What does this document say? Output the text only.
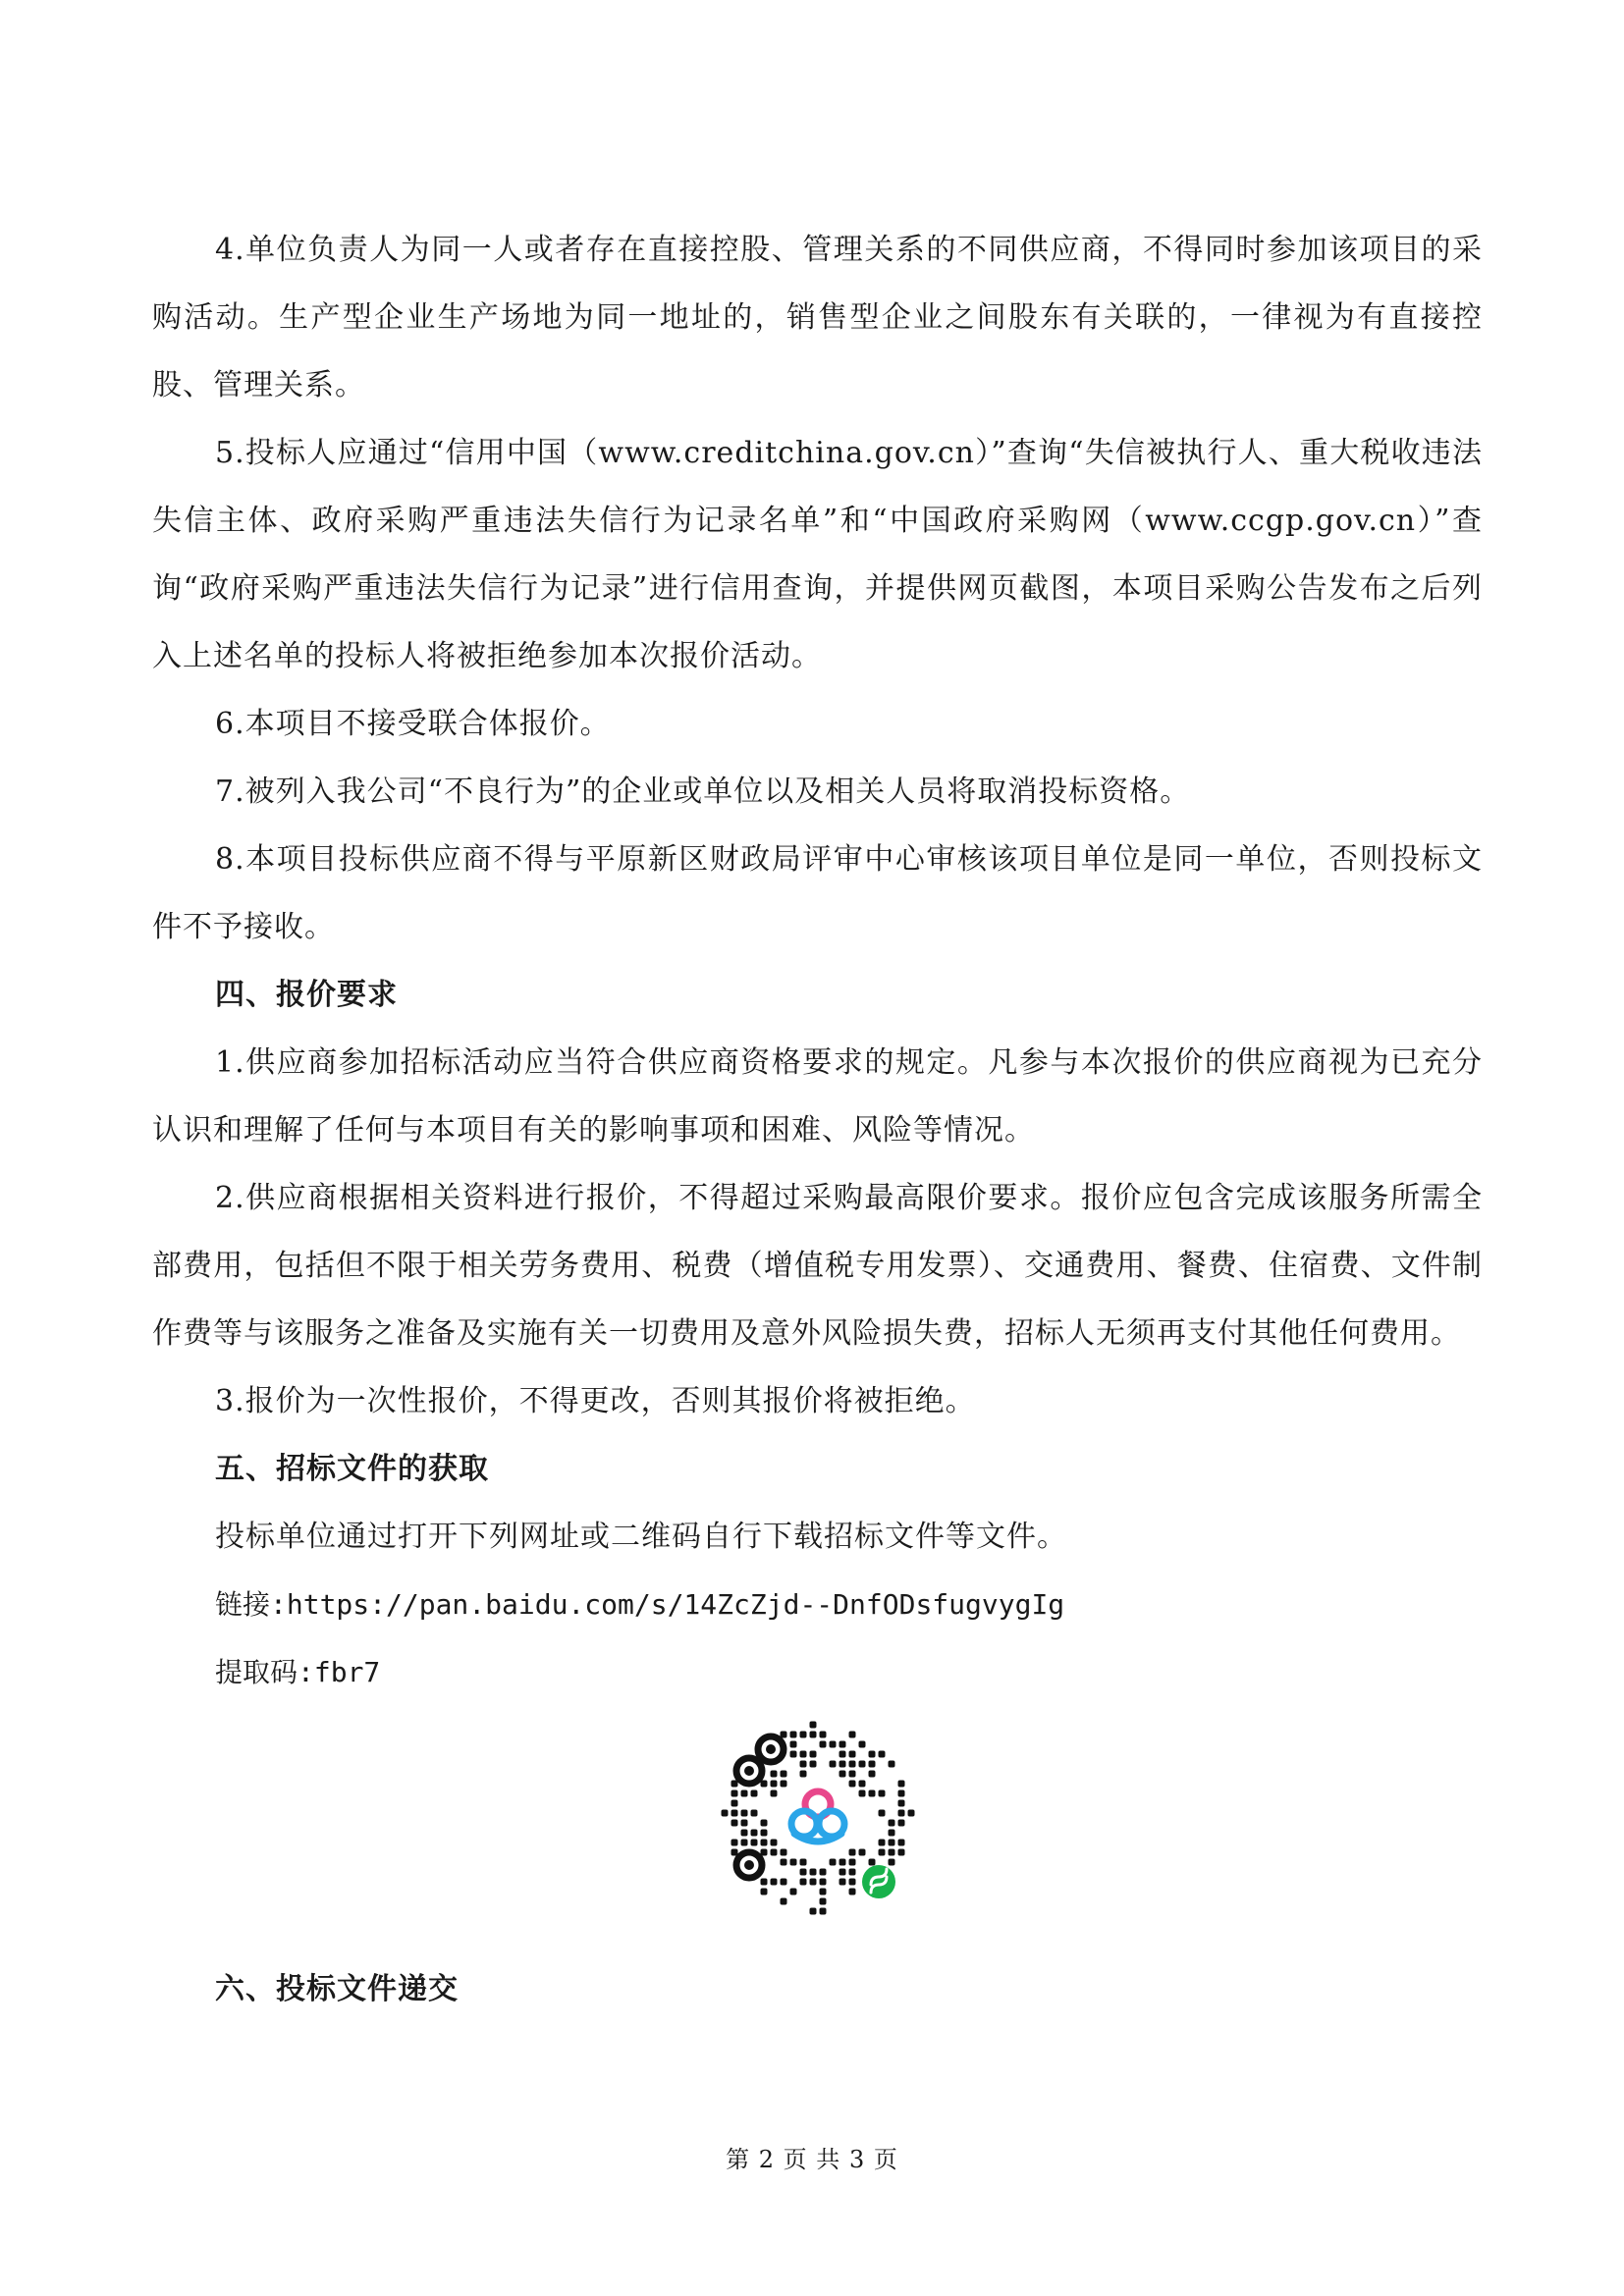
4.单位负责人为同一人或者存在直接控股、管理关系的不同供应商，不得同时参加该项目的采购活动。生产型企业生产场地为同一地址的，销售型企业之间股东有关联的，一律视为有直接控股、管理关系。

5.投标人应通过“信用中国（www.creditchina.gov.cn）”查询“失信被执行人、重大税收违法失信主体、政府采购严重违法失信行为记录名单”和“中国政府采购网（www.ccgp.gov.cn）”查询“政府采购严重违法失信行为记录”进行信用查询，并提供网页截图，本项目采购公告发布之后列入上述名单的投标人将被拒绝参加本次报价活动。

6.本项目不接受联合体报价。

7.被列入我公司“不良行为”的企业或单位以及相关人员将取消投标资格。

8.本项目投标供应商不得与平原新区财政局评审中心审核该项目单位是同一单位，否则投标文件不予接收。

四、报价要求

1.供应商参加招标活动应当符合供应商资格要求的规定。凡参与本次报价的供应商视为已充分认识和理解了任何与本项目有关的影响事项和困难、风险等情况。

2.供应商根据相关资料进行报价，不得超过采购最高限价要求。报价应包含完成该服务所需全部费用，包括但不限于相关劳务费用、税费（增值税专用发票）、交通费用、餐费、住宿费、文件制作费等与该服务之准备及实施有关一切费用及意外风险损失费，招标人无须再支付其他任何费用。

3.报价为一次性报价，不得更改，否则其报价将被拒绝。

五、招标文件的获取

投标单位通过打开下列网址或二维码自行下载招标文件等文件。

链接:https://pan.baidu.com/s/14ZcZjd--DnfODsfugvygIg

提取码:fbr7

六、投标文件递交

第 2 页 共 3 页
